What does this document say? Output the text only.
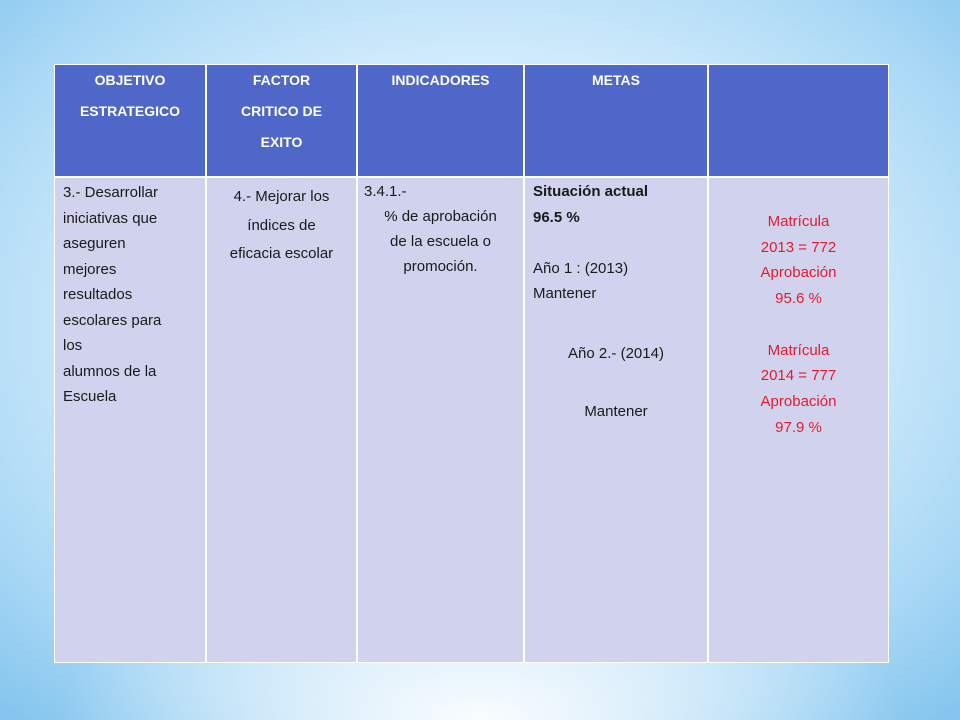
OBJETIVO
ESTRATEGICO
FACTOR
CRITICO DE
EXITO
INDICADORES	METAS
3.- Desarrollar
iniciativas que
aseguren
mejores
resultados
escolares para
los
alumnos de la
Escuela
4.- Mejorar los
índices de
eficacia escolar
3.4.1.-
% de aprobación
de la escuela o
promoción.
Situación actual
96.5 %
Año 1 : (2013)
Mantener
Año 2.- (2014)
Mantener
Matrícula
2013 = 772
Aprobación
95.6 %
Matrícula
2014 = 777
Aprobación
97.9 %
